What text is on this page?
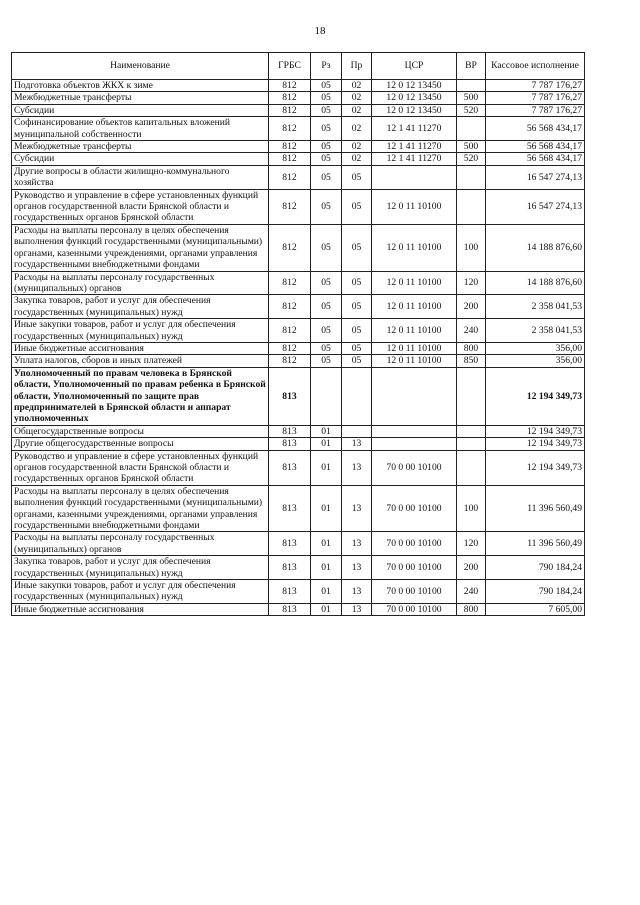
18
Наименование	ГРБС	Рз	Пр	ЦСР	ВР	Кассовое исполнение
Подготовка объектов ЖКХ к зиме	812	05	02	12 0 12 13450		7 787 176,27
Межбюджетные трансферты	812	05	02	12 0 12 13450	500	7 787 176,27
Субсидии	812	05	02	12 0 12 13450	520	7 787 176,27
Софинансирование объектов капитальных вложений муниципальной собственности	812	05	02	12 1 41 11270		56 568 434,17
Межбюджетные трансферты	812	05	02	12 1 41 11270	500	56 568 434,17
Субсидии	812	05	02	12 1 41 11270	520	56 568 434,17
Другие вопросы в области жилищно-коммунального хозяйства	812	05	05			16 547 274,13
Руководство и управление в сфере установленных функций органов государственной власти Брянской области и государственных органов Брянской области	812	05	05	12 0 11 10100		16 547 274,13
Расходы на выплаты персоналу в целях обеспечения выполнения функций государственными (муниципальными) органами, казенными учреждениями, органами управления государственными внебюджетными фондами	812	05	05	12 0 11 10100	100	14 188 876,60
Расходы на выплаты персоналу государственных (муниципальных) органов	812	05	05	12 0 11 10100	120	14 188 876,60
Закупка товаров, работ и услуг для обеспечения государственных (муниципальных) нужд	812	05	05	12 0 11 10100	200	2 358 041,53
Иные закупки товаров, работ и услуг для обеспечения государственных (муниципальных) нужд	812	05	05	12 0 11 10100	240	2 358 041,53
Иные бюджетные ассигнования	812	05	05	12 0 11 10100	800	356,00
Уплата налогов, сборов и иных платежей	812	05	05	12 0 11 10100	850	356,00
Уполномоченный по правам человека в Брянской области, Уполномоченный по правам ребенка в Брянской области, Уполномоченный по защите прав предпринимателей в Брянской области и аппарат уполномоченных	813					12 194 349,73
Общегосударственные вопросы	813	01				12 194 349,73
Другие общегосударственные вопросы	813	01	13			12 194 349,73
Руководство и управление в сфере установленных функций органов государственной власти Брянской области и государственных органов Брянской области	813	01	13	70 0 00 10100		12 194 349,73
Расходы на выплаты персоналу в целях обеспечения выполнения функций государственными (муниципальными) органами, казенными учреждениями, органами управления государственными внебюджетными фондами	813	01	13	70 0 00 10100	100	11 396 560,49
Расходы на выплаты персоналу государственных (муниципальных) органов	813	01	13	70 0 00 10100	120	11 396 560,49
Закупка товаров, работ и услуг для обеспечения государственных (муниципальных) нужд	813	01	13	70 0 00 10100	200	790 184,24
Иные закупки товаров, работ и услуг для обеспечения государственных (муниципальных) нужд	813	01	13	70 0 00 10100	240	790 184,24
Иные бюджетные ассигнования	813	01	13	70 0 00 10100	800	7 605,00
